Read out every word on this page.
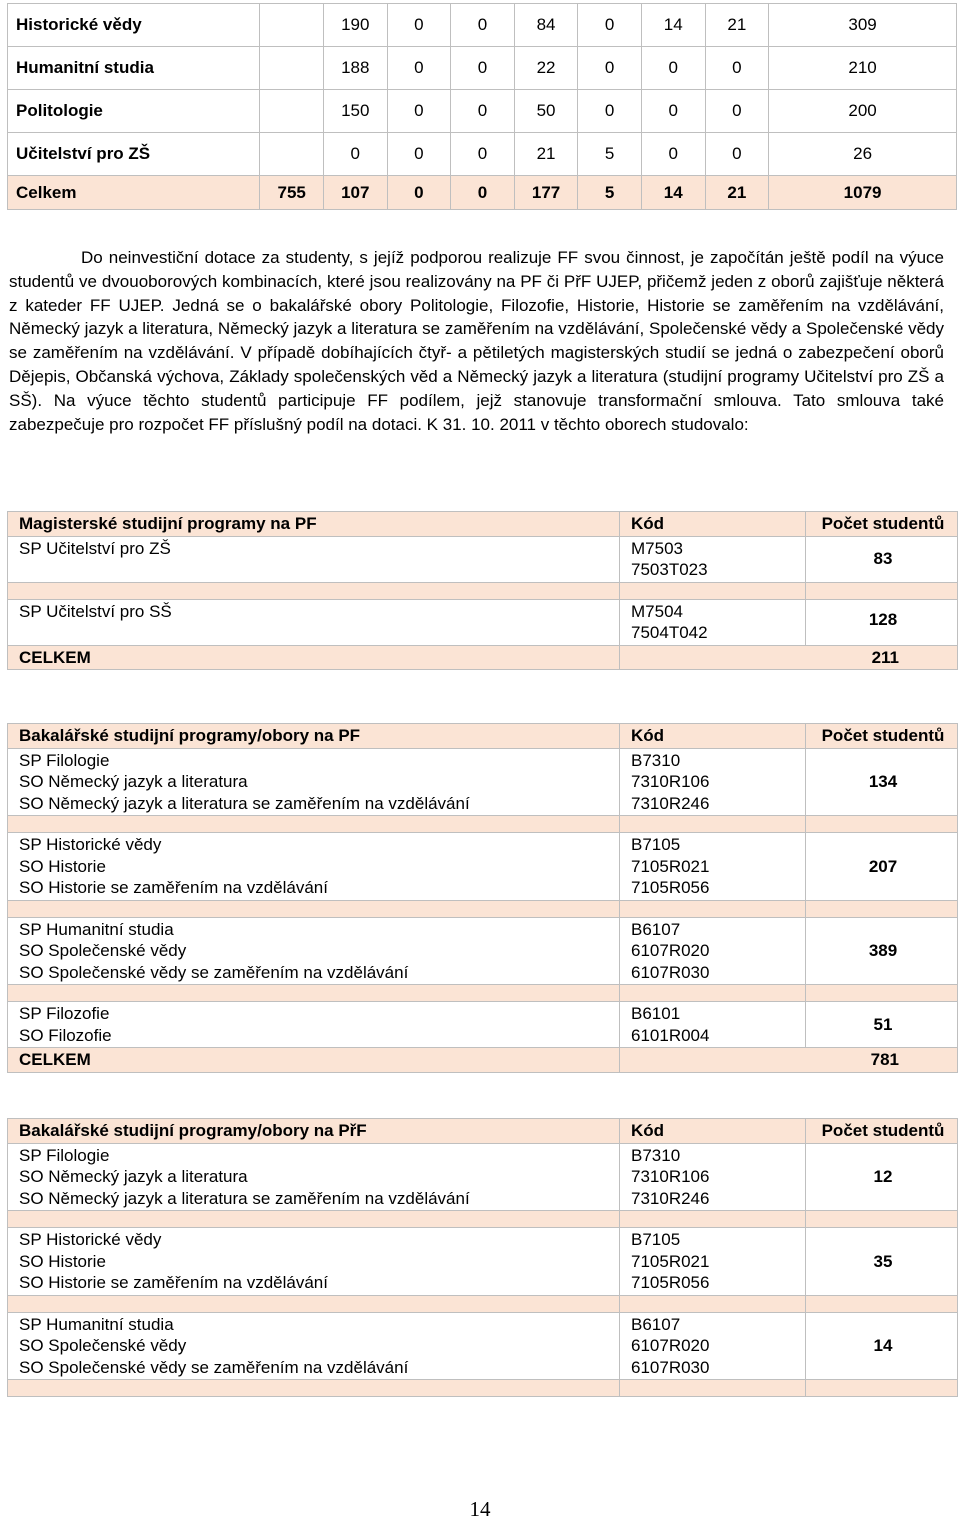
Historické vědy		190	0	0	84	0	14	21	309
Humanitní studia		188	0	0	22	0	0	0	210
Politologie		150	0	0	50	0	0	0	200
Učitelství pro ZŠ		0	0	0	21	5	0	0	26
Celkem	755	107	0	0	177	5	14	21	1079
Do neinvestiční dotace za studenty, s jejíž podporou realizuje FF svou činnost, je započítán ještě podíl na výuce studentů ve dvouoborových kombinacích, které jsou realizovány na PF či PřF UJEP, přičemž jeden z oborů zajišťuje některá z kateder FF UJEP. Jedná se o bakalářské obory Politologie, Filozofie, Historie, Historie se zaměřením na vzdělávání, Německý jazyk a literatura, Německý jazyk a literatura se zaměřením na vzdělávání, Společenské vědy a Společenské vědy se zaměřením na vzdělávání. V případě dobíhajících čtyř- a pětiletých magisterských studií se jedná o zabezpečení oborů Dějepis, Občanská výchova, Základy společenských věd a Německý jazyk a literatura (studijní programy Učitelství pro ZŠ a SŠ). Na výuce těchto studentů participuje FF podílem, jejž stanovuje transformační smlouva. Tato smlouva také zabezpečuje pro rozpočet FF příslušný podíl na dotaci. K 31. 10. 2011 v těchto oborech studovalo:
Magisterské studijní programy na PF	Kód	Počet studentů

SP Učitelství pro ZŠ	M7503
7503T023	83

SP Učitelství pro SŠ	M7504
7504T042	128
CELKEM	211	
Bakalářské studijní programy/obory na PF	Kód	Počet studentů

SP Filologie
SO Německý jazyk a literatura
SO Německý jazyk a literatura se zaměřením na vzdělávání	B7310
7310R106
7310R246	134

SP Historické vědy
SO Historie
SO Historie se zaměřením na vzdělávání	B7105
7105R021
7105R056	207

SP Humanitní studia
SO Společenské vědy
SO Společenské vědy se zaměřením na vzdělávání	B6107
6107R020
6107R030	389

SP Filozofie
SO Filozofie	B6101
6101R004	51
CELKEM	781	
Bakalářské studijní programy/obory na PřF	Kód	Počet studentů

SP Filologie
SO Německý jazyk a literatura
SO Německý jazyk a literatura se zaměřením na vzdělávání	B7310
7310R106
7310R246	12

SP Historické vědy
SO Historie
SO Historie se zaměřením na vzdělávání	B7105
7105R021
7105R056	35

SP Humanitní studia
SO Společenské vědy
SO Společenské vědy se zaměřením na vzdělávání	B6107
6107R020
6107R030	14

14
